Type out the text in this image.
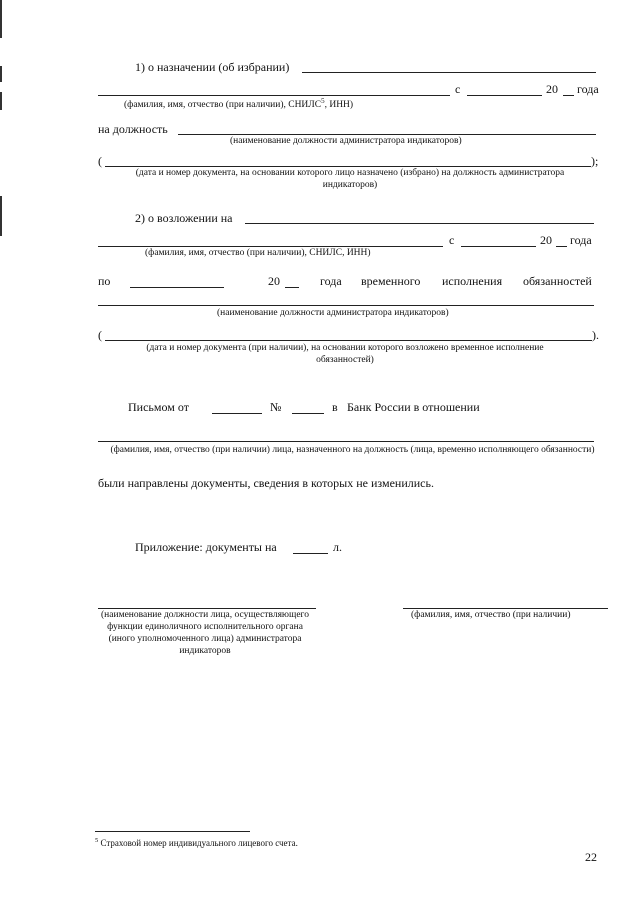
1) о назначении (об избрании)
с	20 года
(фамилия, имя, отчество (при наличии), СНИЛС$^5$, ИНН)
на должность
(наименование должности администратора индикаторов)
(	);
(дата и номер документа, на основании которого лицо назначено (избрано) на должность администратора индикаторов)
2) о возложении на
с	20 года
(фамилия, имя, отчество (при наличии), СНИЛС, ИНН)
по	20	года временного исполнения обязанностей
(наименование должности администратора индикаторов)
(	).
(дата и номер документа (при наличии), на основании которого возложено временное исполнение обязанностей)
Письмом от	№	в Банк России в отношении
(фамилия, имя, отчество (при наличии) лица, назначенного на должность (лица, временно исполняющего обязанности)
были направлены документы, сведения в которых не изменились.
Приложение: документы на	л.
(наименование должности лица, осуществляющего функции единоличного исполнительного органа (иного уполномоченного лица) администратора индикаторов
(фамилия, имя, отчество (при наличии)
$^5$ Страховой номер индивидуального лицевого счета.
22
